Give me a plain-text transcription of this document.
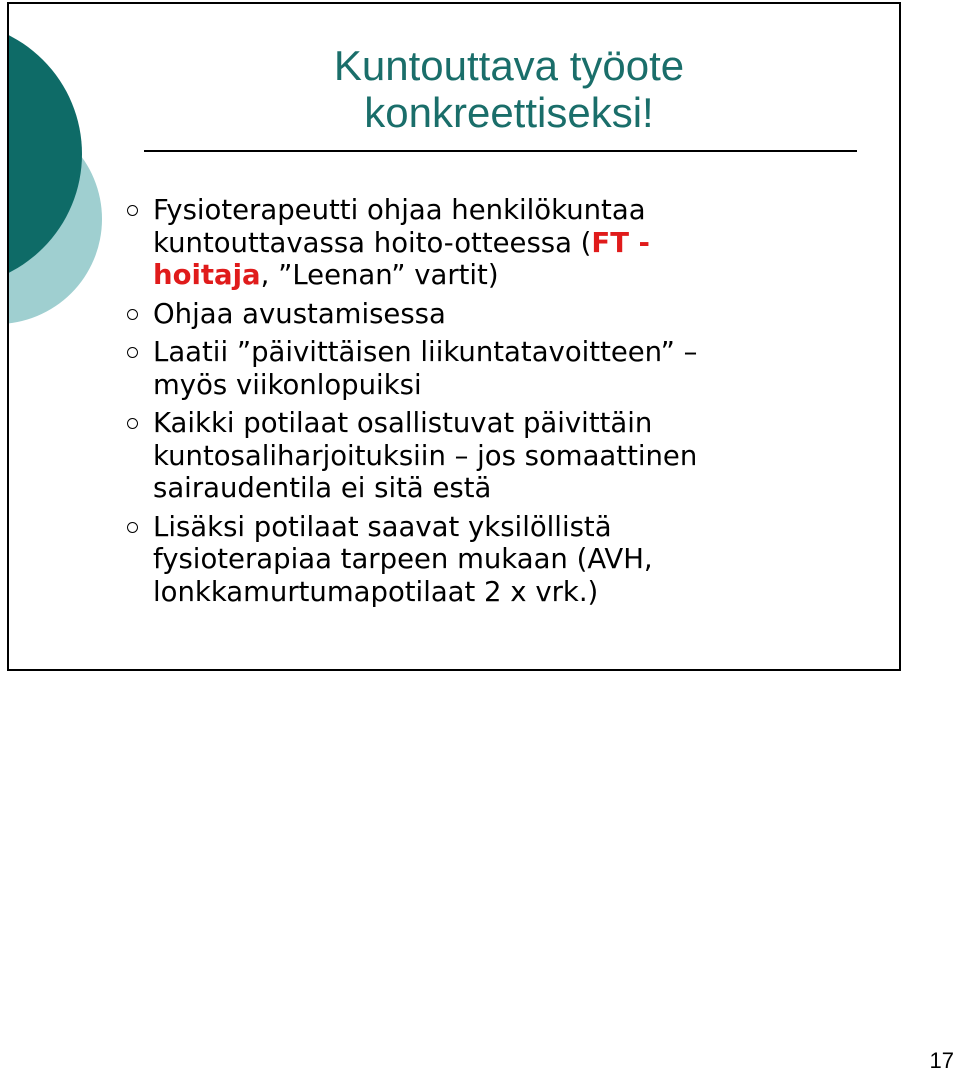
Kuntouttava työote
konkreettiseksi!
Fysioterapeutti ohjaa henkilökuntaa
kuntouttavassa hoito-otteessa (FT -
hoitaja, ”Leenan” vartit)
Ohjaa avustamisessa
Laatii ”päivittäisen liikuntatavoitteen” –
myös viikonlopuiksi
Kaikki potilaat osallistuvat päivittäin
kuntosaliharjoituksiin – jos somaattinen
sairaudentila ei sitä estä
Lisäksi potilaat saavat yksilöllistä
fysioterapiaa tarpeen mukaan (AVH,
lonkkamurtumapotilaat 2 x vrk.)
17
